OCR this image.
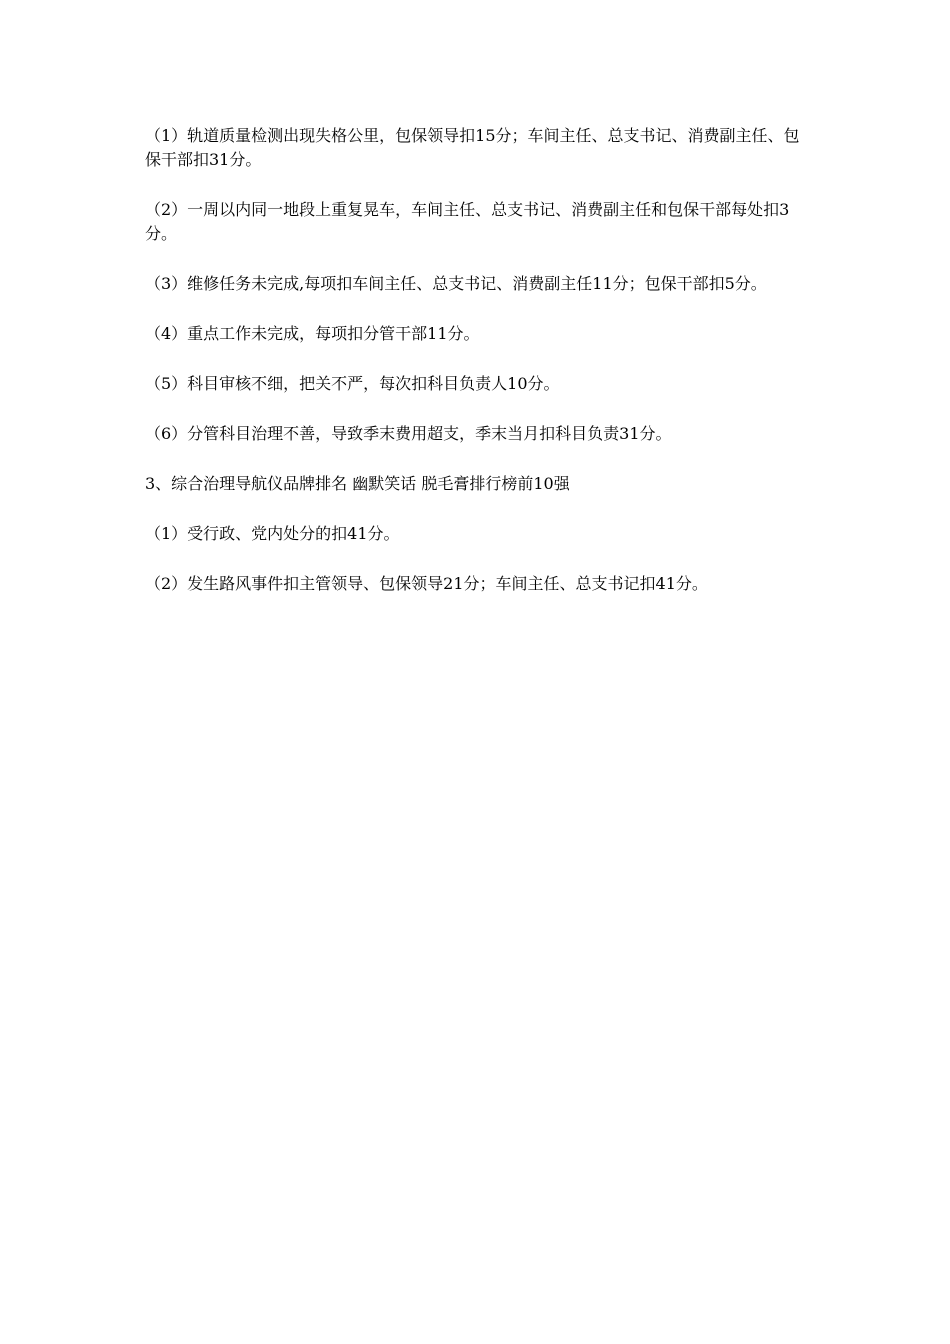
（1）轨道质量检测出现失格公里，包保领导扣15分；车间主任、总支书记、消费副主任、包保干部扣31分。

（2）一周以内同一地段上重复晃车，车间主任、总支书记、消费副主任和包保干部每处扣3分。

（3）维修任务未完成,每项扣车间主任、总支书记、消费副主任11分；包保干部扣5分。

（4）重点工作未完成，每项扣分管干部11分。

（5）科目审核不细，把关不严，每次扣科目负责人10分。

（6）分管科目治理不善，导致季末费用超支，季末当月扣科目负责31分。

3、综合治理导航仪品牌排名 幽默笑话 脱毛膏排行榜前10强

（1）受行政、党内处分的扣41分。

（2）发生路风事件扣主管领导、包保领导21分；车间主任、总支书记扣41分。
